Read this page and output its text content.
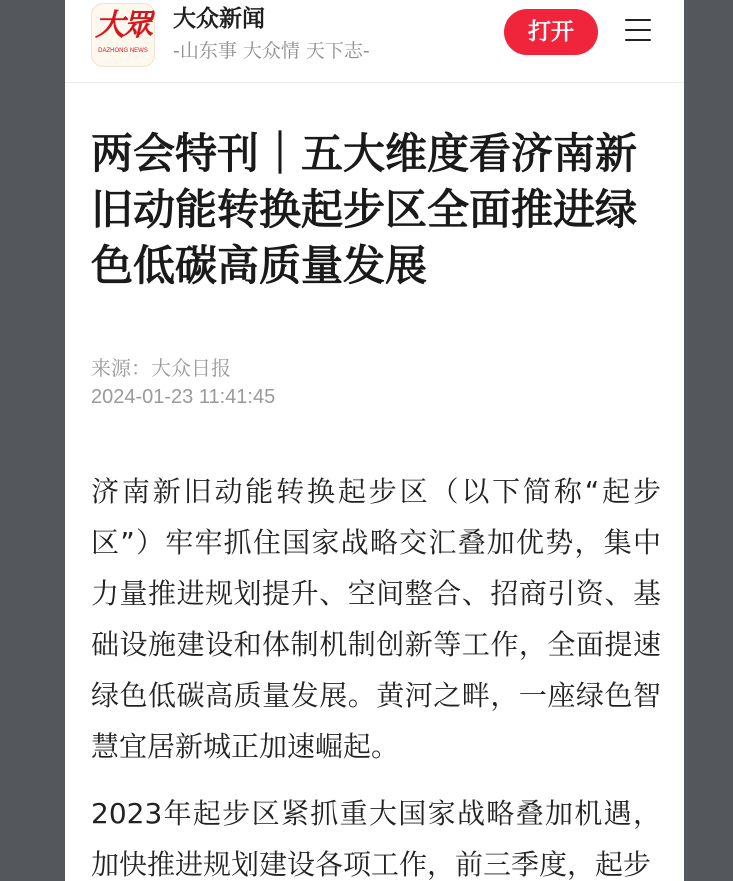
大眾
DAZHONG NEWS
大众新闻
-山东事 大众情 天下志-
打开
两会特刊｜五大维度看济南新旧动能转换起步区全面推进绿色低碳高质量发展
来源：大众日报
2024-01-23 11:41:45

济南新旧动能转换起步区（以下简称“起步区”）牢牢抓住国家战略交汇叠加优势，集中力量推进规划提升、空间整合、招商引资、基础设施建设和体制机制创新等工作，全面提速绿色低碳高质量发展。黄河之畔，一座绿色智慧宜居新城正加速崛起。

2023年起步区紧抓重大国家战略叠加机遇，加快推进规划建设各项工作，前三季度，起步
